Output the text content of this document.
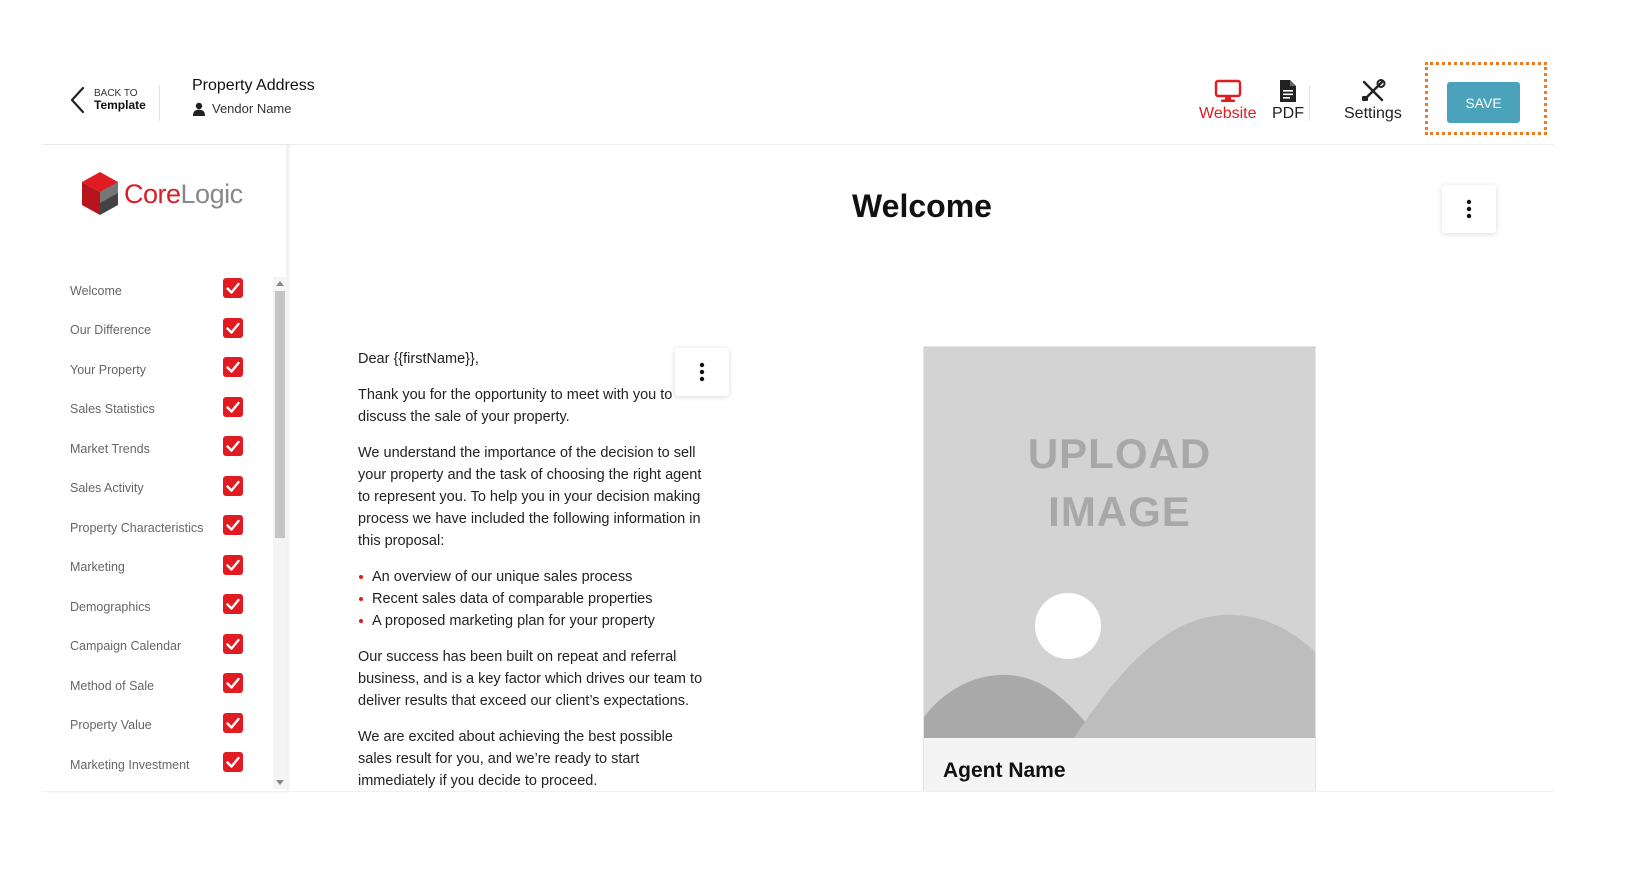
BACK TO
Template
Property Address
Vendor Name	Website PDF	Settings
SAVE
CoreLogic
Welcome
Our Difference
Your Property
Sales Statistics
Market Trends
Sales Activity
Property Characteristics
Marketing
Demographics
Campaign Calendar
Method of Sale
Property Value
Marketing Investment
Welcome

Dear {{firstName}},

Thank you for the opportunity to meet with you to discuss the sale of your property.

We understand the importance of the decision to sell your property and the task of choosing the right agent to represent you. To help you in your decision making process we have included the following information in this proposal:

An overview of our unique sales process
Recent sales data of comparable properties
A proposed marketing plan for your property

Our success has been built on repeat and referral business, and is a key factor which drives our team to deliver results that exceed our client’s expectations.

We are excited about achieving the best possible sales result for you, and we’re ready to start immediately if you decide to proceed.

UPLOAD
IMAGE
Agent Name
